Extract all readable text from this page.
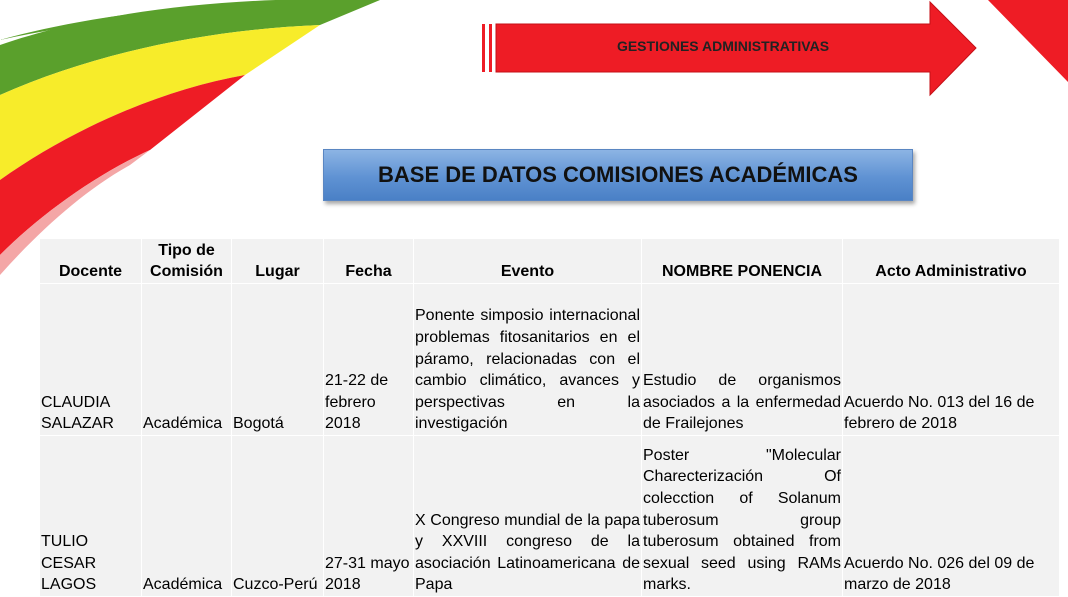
GESTIONES ADMINISTRATIVAS
BASE DE DATOS COMISIONES ACADÉMICAS
Docente	Tipo de Comisión	Lugar	Fecha	Evento	NOMBRE PONENCIA	Acto Administrativo
CLAUDIA SALAZAR	Académica	Bogotá	21-22 de febrero 2018	Ponente simposio internacional problemas fitosanitarios en el páramo, relacionadas con el cambio climático, avances y perspectivas en la investigación	Estudio de organismos asociados a la enfermedad de Frailejones	Acuerdo No. 013 del 16 de febrero de 2018
TULIO CESAR LAGOS	Académica	Cuzco-Perú	27-31 mayo 2018	X Congreso mundial de la papa y XXVIII congreso de la asociación Latinoamericana de Papa	Poster "Molecular Charecterización Of colecction of Solanum tuberosum group tuberosum obtained from sexual seed using RAMs marks.	Acuerdo No. 026 del 09 de marzo de 2018
